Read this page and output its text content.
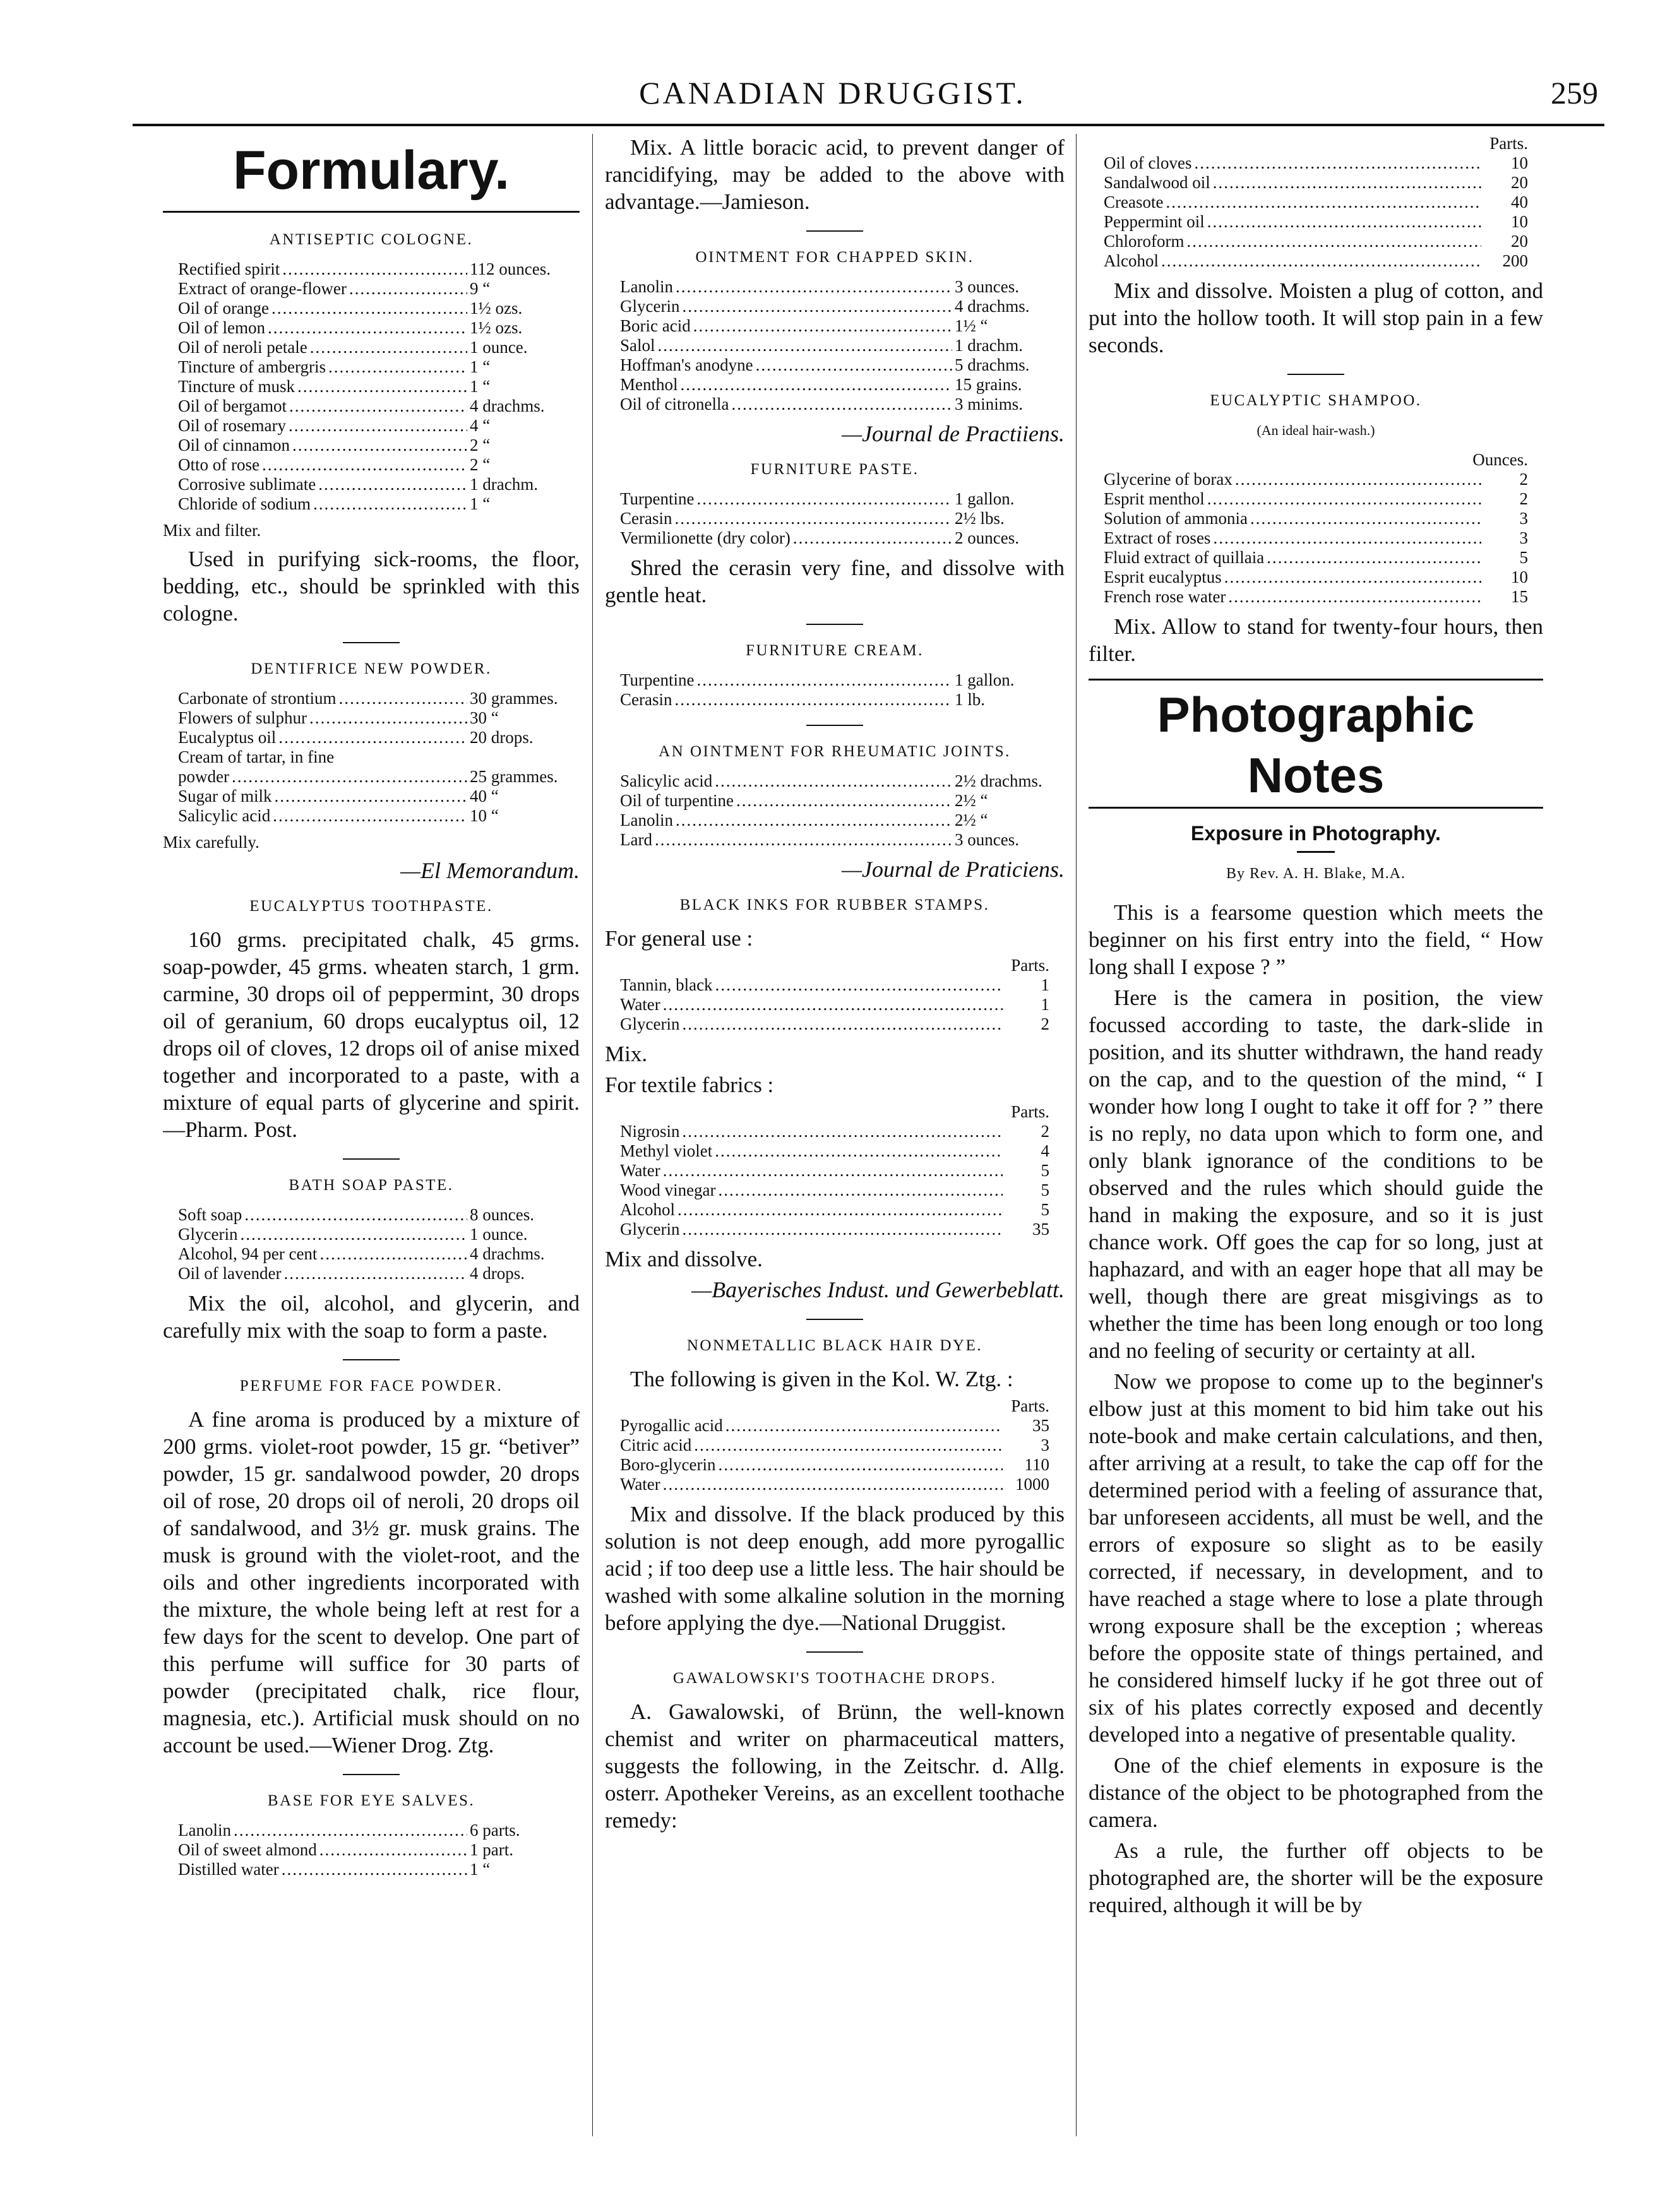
CANADIAN DRUGGIST.	259
Formulary.
ANTISEPTIC COLOGNE.
Rectified spirit .....	112 ounces.
Extract of orange-flower .....	9 “
Oil of orange .....	1½ ozs.
Oil of lemon .....	1½ ozs.
Oil of neroli petale .....	1 ounce.
Tincture of ambergris .....	1 “
Tincture of musk .....	1 “
Oil of bergamot .....	4 drachms.
Oil of rosemary .....	4 “
Oil of cinnamon .....	2 “
Otto of rose .....	2 “
Corrosive sublimate .....	1 drachm.
Chloride of sodium .....	1 “
Mix and filter.

Used in purifying sick-rooms, the floor, bedding, etc., should be sprinkled with this cologne.

DENTIFRICE NEW POWDER.
Carbonate of strontium .....	30 grammes.
Flowers of sulphur .....	30 “
Eucalyptus oil .....	20 drops.
Cream of tartar, in fine
powder .....	25 grammes.
Sugar of milk .....	40 “
Salicylic acid .....	10 “
Mix carefully.
—El Memorandum.
EUCALYPTUS TOOTHPASTE.

160 grms. precipitated chalk, 45 grms. soap-powder, 45 grms. wheaten starch, 1 grm. carmine, 30 drops oil of peppermint, 30 drops oil of geranium, 60 drops eucalyptus oil, 12 drops oil of cloves, 12 drops oil of anise mixed together and incorporated to a paste, with a mixture of equal parts of glycerine and spirit.—Pharm. Post.

BATH SOAP PASTE.
Soft soap .....	8 ounces.
Glycerin .....	1 ounce.
Alcohol, 94 per cent .....	4 drachms.
Oil of lavender .....	4 drops.

Mix the oil, alcohol, and glycerin, and carefully mix with the soap to form a paste.

PERFUME FOR FACE POWDER.

A fine aroma is produced by a mixture of 200 grms. violet-root powder, 15 gr. “betiver” powder, 15 gr. sandalwood powder, 20 drops oil of rose, 20 drops oil of neroli, 20 drops oil of sandalwood, and 3½ gr. musk grains. The musk is ground with the violet-root, and the oils and other ingredients incorporated with the mixture, the whole being left at rest for a few days for the scent to develop. One part of this perfume will suffice for 30 parts of powder (precipitated chalk, rice flour, magnesia, etc.). Artificial musk should on no account be used.—Wiener Drog. Ztg.

BASE FOR EYE SALVES.
Lanolin .....	6 parts.
Oil of sweet almond .....	1 part.
Distilled water .....	1 “

Mix. A little boracic acid, to prevent danger of rancidifying, may be added to the above with advantage.—Jamieson.

OINTMENT FOR CHAPPED SKIN.
Lanolin .....	3 ounces.
Glycerin .....	4 drachms.
Boric acid .....	1½ “
Salol .....	1 drachm.
Hoffman's anodyne .....	5 drachms.
Menthol .....	15 grains.
Oil of citronella .....	3 minims.
—Journal de Practiiens.
FURNITURE PASTE.
Turpentine .....	1 gallon.
Cerasin .....	2½ lbs.
Vermilionette (dry color) .....	2 ounces.

Shred the cerasin very fine, and dissolve with gentle heat.

FURNITURE CREAM.
Turpentine .....	1 gallon.
Cerasin .....	1 lb.
AN OINTMENT FOR RHEUMATIC JOINTS.
Salicylic acid .....	2½ drachms.
Oil of turpentine .....	2½ “
Lanolin .....	2½ “
Lard .....	3 ounces.
—Journal de Praticiens.
BLACK INKS FOR RUBBER STAMPS.

For general use :

Parts.
Tannin, black .....	1
Water .....	1
Glycerin .....	2

Mix.

For textile fabrics :

Parts.
Nigrosin .....	2
Methyl violet .....	4
Water .....	5
Wood vinegar .....	5
Alcohol .....	5
Glycerin .....	35

Mix and dissolve.

—Bayerisches Indust. und Gewerbeblatt.
NONMETALLIC BLACK HAIR DYE.

The following is given in the Kol. W. Ztg. :

Parts.
Pyrogallic acid .....	35
Citric acid .....	3
Boro-glycerin .....	110
Water .....	1000

Mix and dissolve. If the black produced by this solution is not deep enough, add more pyrogallic acid ; if too deep use a little less. The hair should be washed with some alkaline solution in the morning before applying the dye.—National Druggist.

GAWALOWSKI'S TOOTHACHE DROPS.

A. Gawalowski, of Brünn, the well-known chemist and writer on pharmaceutical matters, suggests the following, in the Zeitschr. d. Allg. osterr. Apotheker Vereins, as an excellent toothache remedy:

Parts.
Oil of cloves .....	10
Sandalwood oil .....	20
Creasote .....	40
Peppermint oil .....	10
Chloroform .....	20
Alcohol .....	200

Mix and dissolve. Moisten a plug of cotton, and put into the hollow tooth. It will stop pain in a few seconds.

EUCALYPTIC SHAMPOO.
(An ideal hair-wash.)
Ounces.
Glycerine of borax .....	2
Esprit menthol .....	2
Solution of ammonia .....	3
Extract of roses .....	3
Fluid extract of quillaia .....	5
Esprit eucalyptus .....	10
French rose water .....	15

Mix. Allow to stand for twenty-four hours, then filter.

Photographic Notes
Exposure in Photography.
By Rev. A. H. Blake, M.A.

This is a fearsome question which meets the beginner on his first entry into the field, “ How long shall I expose ? ”

Here is the camera in position, the view focussed according to taste, the dark-slide in position, and its shutter withdrawn, the hand ready on the cap, and to the question of the mind, “ I wonder how long I ought to take it off for ? ” there is no reply, no data upon which to form one, and only blank ignorance of the conditions to be observed and the rules which should guide the hand in making the exposure, and so it is just chance work. Off goes the cap for so long, just at haphazard, and with an eager hope that all may be well, though there are great misgivings as to whether the time has been long enough or too long and no feeling of security or certainty at all.

Now we propose to come up to the beginner's elbow just at this moment to bid him take out his note-book and make certain calculations, and then, after arriving at a result, to take the cap off for the determined period with a feeling of assurance that, bar unforeseen accidents, all must be well, and the errors of exposure so slight as to be easily corrected, if necessary, in development, and to have reached a stage where to lose a plate through wrong exposure shall be the exception ; whereas before the opposite state of things pertained, and he considered himself lucky if he got three out of six of his plates correctly exposed and decently developed into a negative of presentable quality.

One of the chief elements in exposure is the distance of the object to be photographed from the camera.

As a rule, the further off objects to be photographed are, the shorter will be the exposure required, although it will be by
